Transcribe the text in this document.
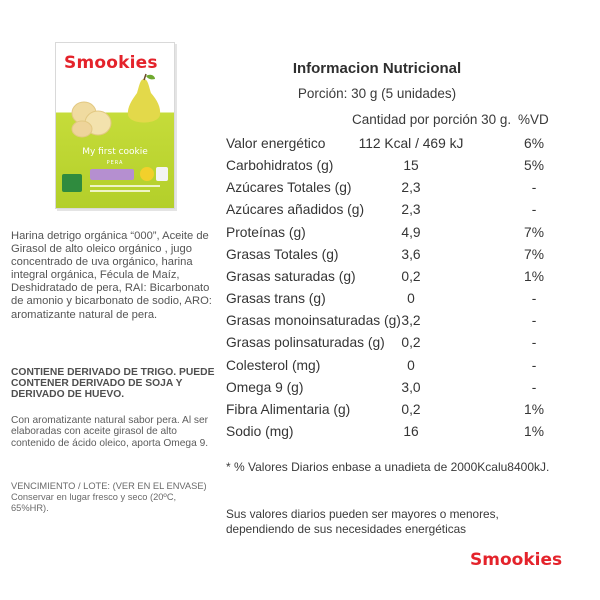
Smookies
My first cookie
PERA
Harina detrigo orgánica “000”, Aceite de Girasol de alto oleico orgánico , jugo concentrado de uva orgánico, harina integral orgánica, Fécula de Maíz, Deshidratado de pera, RAI: Bicarbonato de amonio y bicarbonato de sodio, ARO: aromatizante natural de pera.
CONTIENE DERIVADO DE TRIGO. PUEDE CONTENER DERIVADO DE SOJA Y DERIVADO DE HUEVO.
Con aromatizante natural sabor pera. Al ser elaboradas con aceite girasol de alto contenido de ácido oleico, aporta Omega 9.
VENCIMIENTO / LOTE: (VER EN EL ENVASE) Conservar en lugar fresco y seco (20ºC, 65%HR).
Informacion Nutricional
Porción: 30 g (5 unidades)
Cantidad por porción 30 g. %VD
Valor energético	112 Kcal / 469 kJ	6%
Carbohidratos (g)	15	5%
Azúcares Totales (g)	2,3	-
Azúcares añadidos (g)	2,3	-
Proteínas (g)	4,9	7%
Grasas Totales (g)	3,6	7%
Grasas saturadas (g)	0,2	1%
Grasas trans (g)	0	-
Grasas monoinsaturadas (g) 3,2	-
Grasas polinsaturadas (g)	0,2	-
Colesterol (mg)	0	-
Omega 9 (g)	3,0	-
Fibra Alimentaria (g)	0,2	1%
Sodio (mg)	16	1%
* % Valores Diarios enbase a unadieta de 2000Kcalu8400kJ.
Sus valores diarios pueden ser mayores o menores, dependiendo de sus necesidades energéticas
Smookies
